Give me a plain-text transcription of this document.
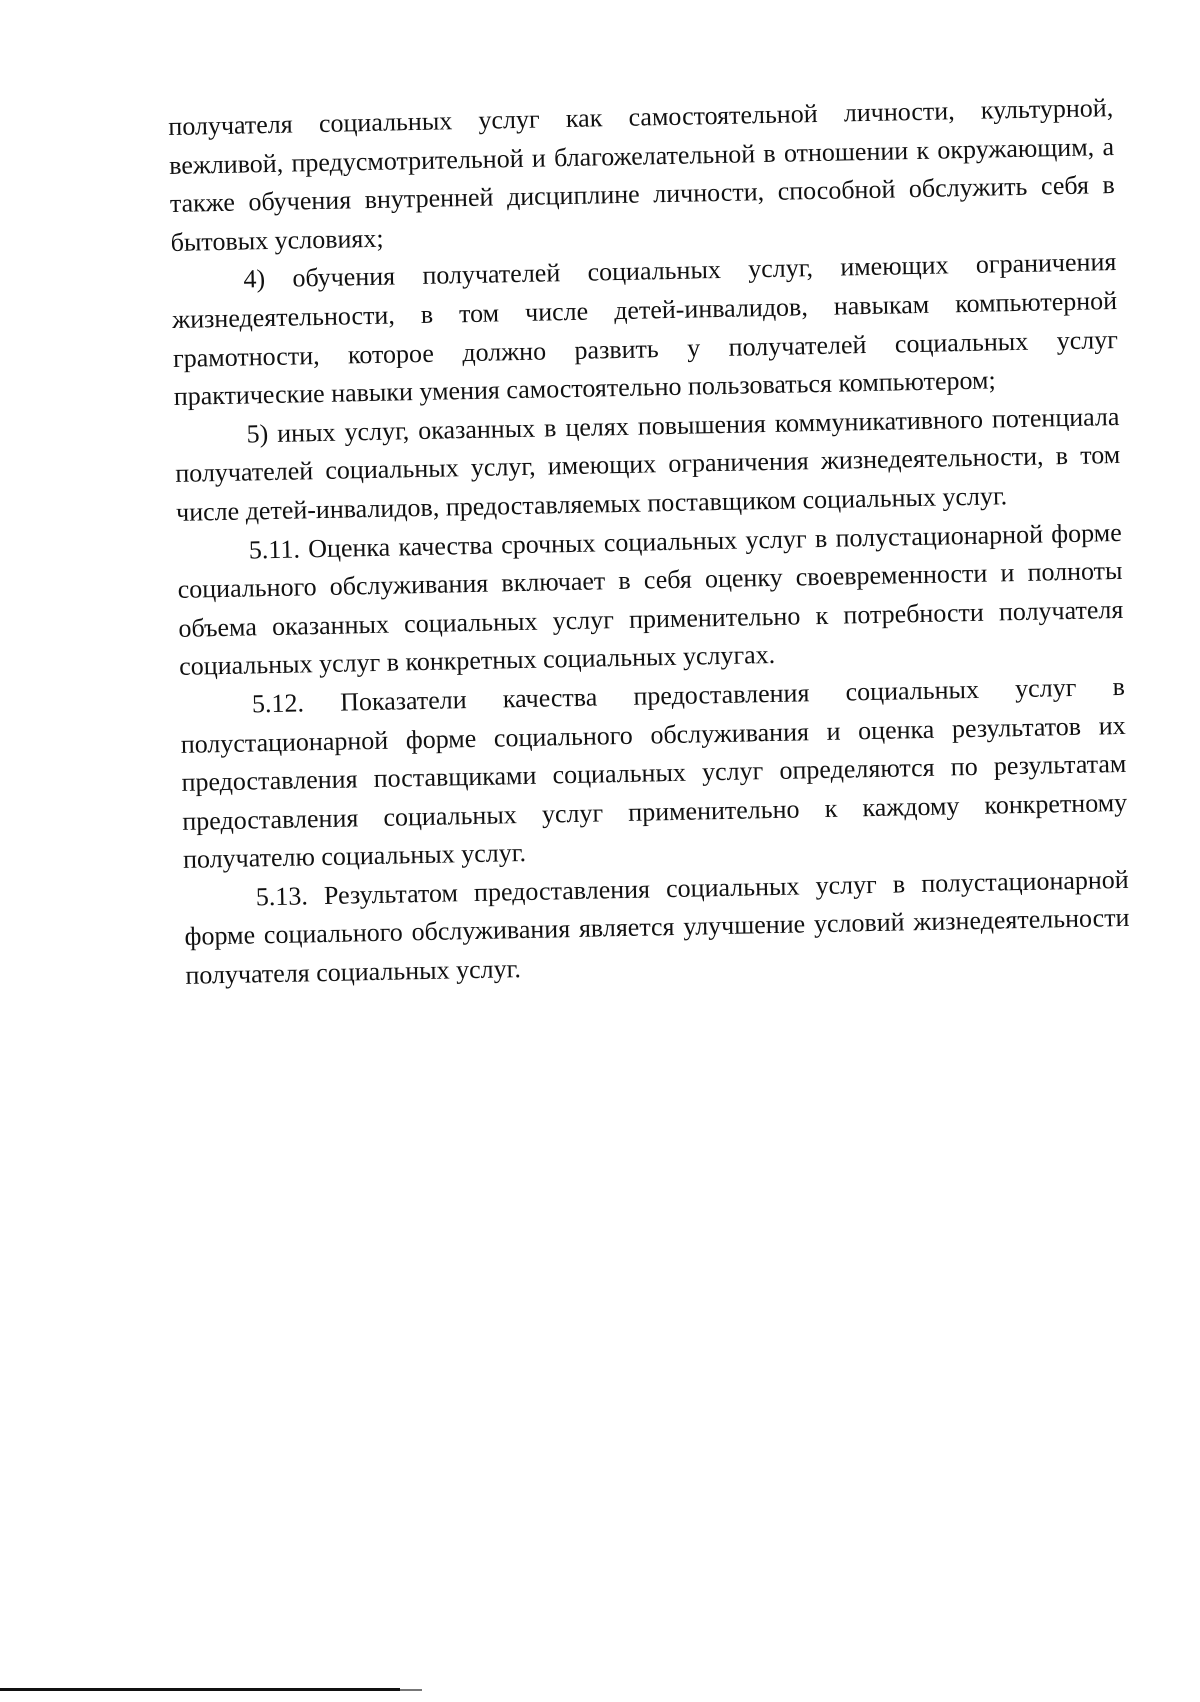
получателя социальных услуг как самостоятельной личности, культурной, вежливой, предусмотрительной и благожелательной в отношении к окружающим, а также обучения внутренней дисциплине личности, способной обслужить себя в бытовых условиях;

4) обучения получателей социальных услуг, имеющих ограничения жизнедеятельности, в том числе детей-инвалидов, навыкам компьютерной грамотности, которое должно развить у получателей социальных услуг практические навыки умения самостоятельно пользоваться компьютером;

5) иных услуг, оказанных в целях повышения коммуникативного потенциала получателей социальных услуг, имеющих ограничения жизнедеятельности, в том числе детей-инвалидов, предоставляемых поставщиком социальных услуг.

5.11. Оценка качества срочных социальных услуг в полустационарной форме социального обслуживания включает в себя оценку своевременности и полноты объема оказанных социальных услуг применительно к потребности получателя социальных услуг в конкретных социальных услугах.

5.12. Показатели качества предоставления социальных услуг в полустационарной форме социального обслуживания и оценка результатов их предоставления поставщиками социальных услуг определяются по результатам предоставления социальных услуг применительно к каждому конкретному получателю социальных услуг.

5.13. Результатом предоставления социальных услуг в полустационарной форме социального обслуживания является улучшение условий жизнедеятельности получателя социальных услуг.
